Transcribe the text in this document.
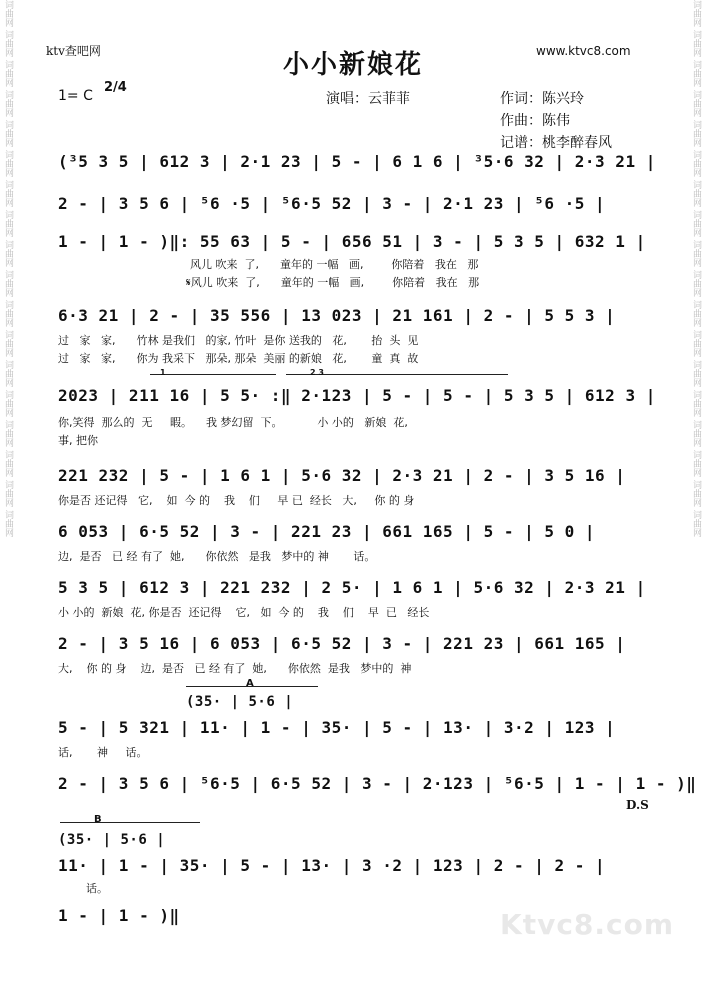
词曲网
词曲网
词曲网
词曲网
词曲网
词曲网
词曲网
词曲网
词曲网
词曲网
词曲网
词曲网
词曲网
词曲网
词曲网
词曲网
词曲网
词曲网
词曲网
词曲网
词曲网
词曲网
词曲网
词曲网
词曲网
词曲网
词曲网
词曲网
词曲网
词曲网
词曲网
词曲网
词曲网
词曲网
词曲网
词曲网
ktv查吧网	www.ktvc8.com
小小新娘花
1= C
2/4
演唱：云菲菲	作词：陈兴玲
作曲：陈伟
记谱：桃李醉春风
(³5 3 5 | 612 3 | 2·1 23 | 5 - | 6 1 6 | ³5·6 32 | 2·3 21 |
2 - | 3 5 6 | ⁵6 ·5 | ⁵6·5 52 | 3 - | 2·1 23 | ⁵6 ·5 |
1 - | 1 - )‖: 55 63 | 5 - | 656 51 | 3 - | 5 3 5 | 632 1 |
风儿 吹来  了,      童年的 一幅   画,        你陪着   我在   那
𝄋风儿 吹来  了,      童年的 一幅   画,        你陪着   我在   那
6·3 21 | 2 - | 35 556 | 13 023 | 21 161 | 2 - | 5 5 3 |
过   家   家,      竹林 是我们   的家, 竹叶  是你 送我的   花,       抬  头  见
过   家   家,      你为 我采下   那朵, 那朵  美丽 的新娘   花,       童  真  故
1	2 3
2023 | 211 16 | 5 5· :‖ 2·123 | 5 - | 5 - | 5 3 5 | 612 3 |
你,笑得  那么的  无     暇。    我 梦幻留  下。          小 小的   新娘  花,
事, 把你
221 232 | 5 - | 1 6 1 | 5·6 32 | 2·3 21 | 2 - | 3 5 16 |
你是否 还记得   它,    如  今 的    我    们     早 已  经长   大,     你 的 身
6 053 | 6·5 52 | 3 - | 221 23 | 661 165 | 5 - | 5 0 |
边,  是否   已 经 有了  她,      你依然   是我   梦中的 神       话。
5 3 5 | 612 3 | 221 232 | 2 5· | 1 6 1 | 5·6 32 | 2·3 21 |
小 小的  新娘  花, 你是否  还记得    它,   如  今 的    我    们    早  已   经长
2 - | 3 5 16 | 6 053 | 6·5 52 | 3 - | 221 23 | 661 165 |
大,    你 的 身    边,  是否   已 经 有了  她,      你依然  是我   梦中的  神
A
(35· | 5·6 |
5 - | 5 321 | 11· | 1 - | 35· | 5 - | 13· | 3·2 | 123 |
话,       神     话。
2 - | 3 5 6 | ⁵6·5 | 6·5 52 | 3 - | 2·123 | ⁵6·5 | 1 - | 1 - )‖
D.S
B
(35· | 5·6 |
11· | 1 - | 35· | 5 - | 13· | 3 ·2 | 123 | 2 - | 2 - |
话。
1 - | 1 - )‖	Ktvc8.com
